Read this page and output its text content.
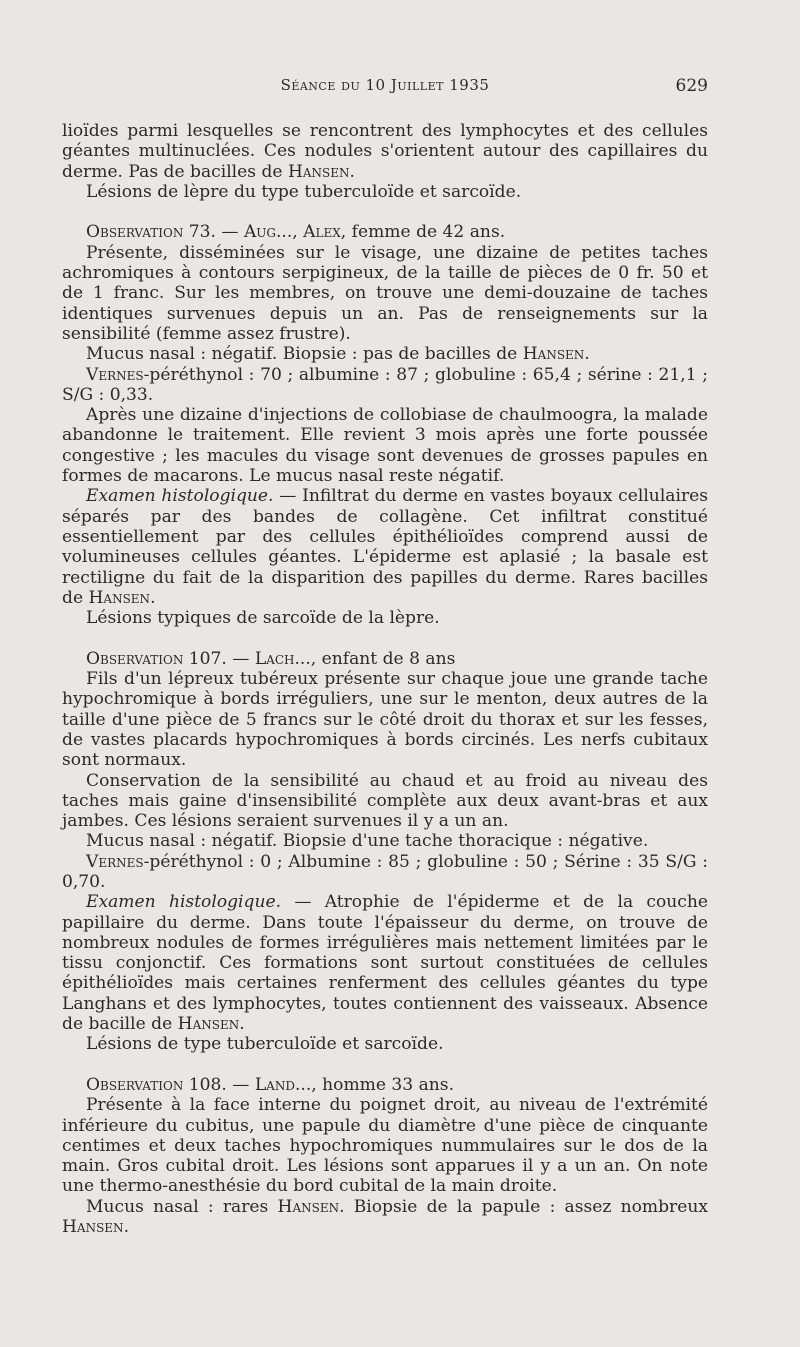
Séance du 10 Juillet 1935	629

lioïdes parmi lesquelles se rencontrent des lymphocytes et des cellules géantes multinuclées. Ces nodules s'orientent autour des capillaires du derme. Pas de bacilles de Hansen.

Lésions de lèpre du type tuberculoïde et sarcoïde.

Observation 73. — Aug..., Alex, femme de 42 ans.

Présente, disséminées sur le visage, une dizaine de petites taches achromiques à contours serpigineux, de la taille de pièces de 0 fr. 50 et de 1 franc. Sur les membres, on trouve une demi-douzaine de taches identiques survenues depuis un an. Pas de renseignements sur la sensibilité (femme assez frustre).

Mucus nasal : négatif. Biopsie : pas de bacilles de Hansen.

Vernes-péréthynol : 70 ; albumine : 87 ; globuline : 65,4 ; sérine : 21,1 ; S/G : 0,33.

Après une dizaine d'injections de collobiase de chaulmoogra, la malade abandonne le traitement. Elle revient 3 mois après une forte poussée congestive ; les macules du visage sont devenues de grosses papules en formes de macarons. Le mucus nasal reste négatif.

Examen histologique. — Infiltrat du derme en vastes boyaux cellulaires séparés par des bandes de collagène. Cet infiltrat constitué essentiellement par des cellules épithélioïdes comprend aussi de volumineuses cellules géantes. L'épiderme est aplasié ; la basale est rectiligne du fait de la disparition des papilles du derme. Rares bacilles de Hansen.

Lésions typiques de sarcoïde de la lèpre.

Observation 107. — Lach..., enfant de 8 ans

Fils d'un lépreux tubéreux présente sur chaque joue une grande tache hypochromique à bords irréguliers, une sur le menton, deux autres de la taille d'une pièce de 5 francs sur le côté droit du thorax et sur les fesses, de vastes placards hypochromiques à bords circinés. Les nerfs cubitaux sont normaux.

Conservation de la sensibilité au chaud et au froid au niveau des taches mais gaine d'insensibilité complète aux deux avant-bras et aux jambes. Ces lésions seraient survenues il y a un an.

Mucus nasal : négatif. Biopsie d'une tache thoracique : négative.

Vernes-péréthynol : 0 ; Albumine : 85 ; globuline : 50 ; Sérine : 35 S/G : 0,70.

Examen histologique. — Atrophie de l'épiderme et de la couche papillaire du derme. Dans toute l'épaisseur du derme, on trouve de nombreux nodules de formes irrégulières mais nettement limitées par le tissu conjonctif. Ces formations sont surtout constituées de cellules épithélioïdes mais certaines renferment des cellules géantes du type Langhans et des lymphocytes, toutes contiennent des vaisseaux. Absence de bacille de Hansen.

Lésions de type tuberculoïde et sarcoïde.

Observation 108. — Land..., homme 33 ans.

Présente à la face interne du poignet droit, au niveau de l'extrémité inférieure du cubitus, une papule du diamètre d'une pièce de cinquante centimes et deux taches hypochromiques nummulaires sur le dos de la main. Gros cubital droit. Les lésions sont apparues il y a un an. On note une thermo-anesthésie du bord cubital de la main droite.

Mucus nasal : rares Hansen. Biopsie de la papule : assez nombreux Hansen.
